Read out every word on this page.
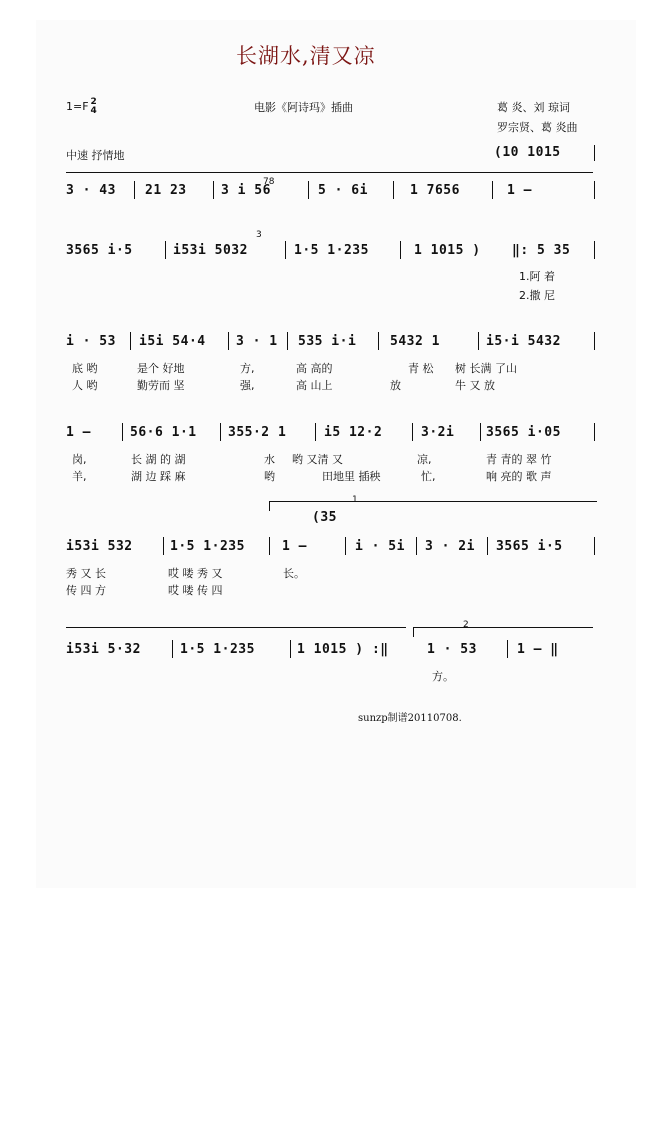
长湖水,清又凉
1=F 2
4	电影《阿诗玛》插曲	葛 炎、刘 琼词
罗宗贤、葛 炎曲
中速 抒情地	(10 1015
78
3 · 43 21 23	3 i 56	5 · 6i	1 7656	1 –
3
3565 i·5	i53i 5032	1·5 1·235	1 1015 ) ‖: 5 35
1.阿 着
2.撒 尼
i · 53 i5i 54·4 3 · 1 535 i·i	5432 1	i5·i 5432
底 哟	是个 好地	方,	高 高的	青 松 树 长满 了山
人 哟	勤劳而 坚	强,	高 山上	放	牛 又 放
1 –	56·6 1·1 355·2 1	i5 12·2	3·2i 3565 i·05
岗,	长 湖 的 湖	水 哟 又清 又	凉,	青 青的 翠 竹
羊,	湖 边 踩 麻	哟	田地里 插秧	忙,	响 亮的 歌 声
1
(35
i53i 532	1·5 1·235	1 –	i · 5i 3 · 2i 3565 i·5
秀 又 长	哎 喽 秀 又	长。
传 四 方	哎 喽 传 四
2
i53i 5·32	1·5 1·235	1 1015 ) :‖	1 · 53	1 – ‖
方。
sunzp制谱20110708.
